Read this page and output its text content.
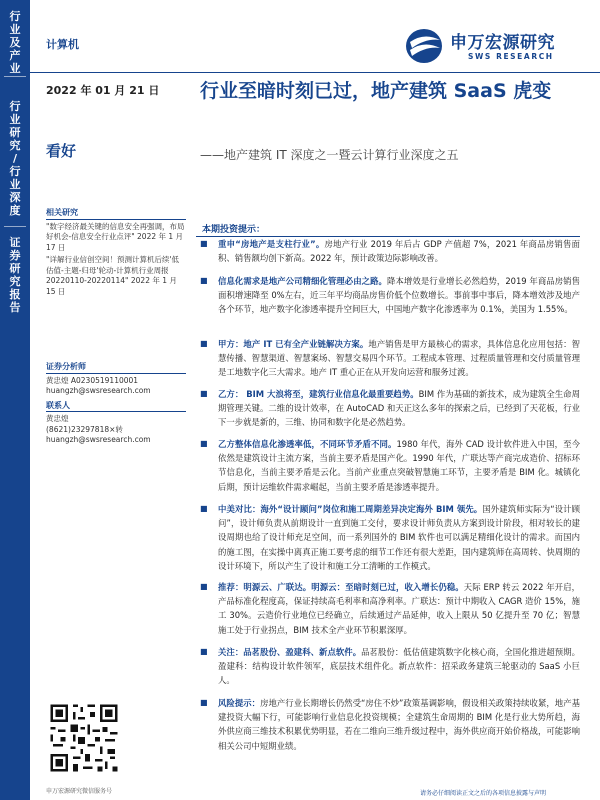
行
业
及
产
业
行
业
研
究
/
行
业
深
度
证
券
研
究
报
告
计算机	申万宏源研究
SWS RESEARCH
2022 年 01 月 21 日
看好
行业至暗时刻已过，地产建筑 SaaS 虎变
——地产建筑 IT 深度之一暨云计算行业深度之五
相关研究

"数字经济最关键的信息安全再强调，布局好机会-信息安全行业点评" 2022 年 1 月 17 日

"详解行业信创空间！预测计算机后续'低估值-主题-归母'轮动-计算机行业周报 20220110-20220114" 2022 年 1 月 15 日

证券分析师
黄忠煌 A0230519110001
huangzh@swsresearch.com
联系人
黄忠煌
(8621)23297818×转
huangzh@swsresearch.com
申万宏源研究微信服务号
本期投资提示：
■	重申“房地产是支柱行业”。房地产行业 2019 年后占 GDP 产值超 7%，2021 年商品房销售面积、销售额均创下新高。2022 年，预计政策边际影响改善。
■	信息化需求是地产公司精细化管理必由之路。降本增效是行业增长必然趋势，2019 年商品房销售面积增速降至 0%左右，近三年平均商品房售价低个位数增长。事前事中事后，降本增效涉及地产各个环节，地产数字化渗透率提升空间巨大，中国地产数字化渗透率为 0.1%，美国为 1.55%。
■	甲方：地产 IT 已有全产业链解决方案。地产销售是甲方最核心的需求，具体信息化应用包括：智慧传播、智慧渠道、智慧案场、智慧交易四个环节。工程成本管理、过程质量管理和交付质量管理是工地数字化三大需求。地产 IT 重心正在从开发向运营和服务过渡。
■	乙方： BIM 大浪将至，建筑行业信息化最重要趋势。BIM 作为基础的新技术，成为建筑全生命周期管理关键。二维的设计效率，在 AutoCAD 和天正这么多年的探索之后，已经到了天花板，行业下一步就是新的，三维、协同和数字化是必然趋势。
■	乙方整体信息化渗透率低，不同环节矛盾不同。1980 年代，海外 CAD 设计软件进入中国，至今依然是建筑设计主流方案，当前主要矛盾是国产化。1990 年代，广联达等产商完成造价、招标环节信息化，当前主要矛盾是云化。当前产业重点突破智慧施工环节，主要矛盾是 BIM 化。城镇化后期，预计运维软件需求崛起，当前主要矛盾是渗透率提升。
■	中美对比：海外“设计顾问”岗位和施工周期差异决定海外 BIM 领先。国外建筑师实际为“设计顾问”，设计师负责从前期设计一直到施工交付，要求设计师负责从方案到设计阶段，相对较长的建设周期也给了设计师充足空间，而一系列国外的 BIM 软件也可以满足精细化设计的需求。而国内的施工图，在实操中离真正施工要考虑的细节工作还有很大差距，国内建筑师在高周转、快周期的设计环境下，所以产生了设计和施工分工清晰的工作模式。
■	推荐：明源云、广联达。明源云：至暗时刻已过，收入增长仍稳。天际 ERP 转云 2022 年开启，产品标准化程度高，保证持续高毛利率和高净利率。广联达：预计中期收入 CAGR 造价 15%，施工 30%。云造价行业地位已经确立，后续通过产品延伸，收入上限从 50 亿提升至 70 亿；智慧施工处于行业拐点，BIM 技术全产业环节积累深厚。
■	关注：品茗股份、盈建科、新点软件。品茗股份：低估值建筑数字化核心商，全国化推进超预期。盈建科：结构设计软件领军，底层技术组件化。新点软件：招采政务建筑三轮驱动的 SaaS 小巨人。
■	风险提示：房地产行业长期增长仍然受“房住不炒”政策基调影响，假设相关政策持续收紧，地产基建投资大幅下行，可能影响行业信息化投资规模；全建筑生命周期的 BIM 化是行业大势所趋，海外供应商三维技术积累优势明显，若在二维向三维升级过程中，海外供应商开始价格战，可能影响相关公司中短期业绩。
请务必仔细阅读正文之后的各项信息披露与声明
